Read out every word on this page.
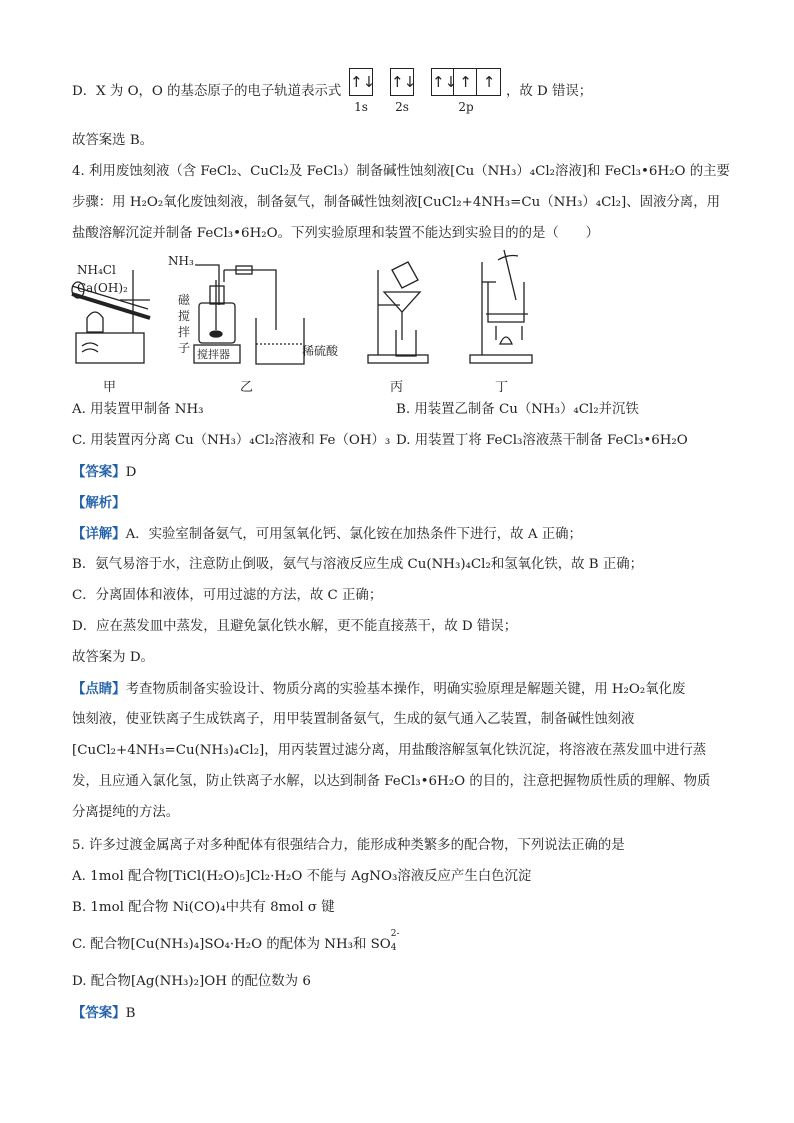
D．X 为 O，O 的基态原子的电子轨道表示式
↑↓
1s
↑↓
2s
↑↓ ↑ ↑
2p
，故 D 错误；
故答案选 B。
4. 利用废蚀刻液（含 FeCl₂、CuCl₂及 FeCl₃）制备碱性蚀刻液[Cu（NH₃）₄Cl₂溶液]和 FeCl₃•6H₂O 的主要
步骤：用 H₂O₂氧化废蚀刻液，制备氨气，制备碱性蚀刻液[CuCl₂+4NH₃=Cu（NH₃）₄Cl₂]、固液分离，用
盐酸溶解沉淀并制备 FeCl₃•6H₂O。下列实验原理和装置不能达到实验目的的是（　　）
NH₄Cl
Ca(OH)₂
NH₃
磁
搅
拌
子 搅拌器	稀硫酸
甲	乙	丙	丁
A. 用装置甲制备 NH₃	B. 用装置乙制备 Cu（NH₃）₄Cl₂并沉铁
C. 用装置丙分离 Cu（NH₃）₄Cl₂溶液和 Fe（OH）₃ D. 用装置丁将 FeCl₃溶液蒸干制备 FeCl₃•6H₂O
【答案】D
【解析】
【详解】A．实验室制备氨气，可用氢氧化钙、氯化铵在加热条件下进行，故 A 正确；
B．氨气易溶于水，注意防止倒吸，氨气与溶液反应生成 Cu(NH₃)₄Cl₂和氢氧化铁，故 B 正确；
C．分离固体和液体，可用过滤的方法，故 C 正确；
D．应在蒸发皿中蒸发，且避免氯化铁水解，更不能直接蒸干，故 D 错误；
故答案为 D。
【点睛】考查物质制备实验设计、物质分离的实验基本操作，明确实验原理是解题关键，用 H₂O₂氧化废
蚀刻液，使亚铁离子生成铁离子，用甲装置制备氨气，生成的氨气通入乙装置，制备碱性蚀刻液
[CuCl₂+4NH₃=Cu(NH₃)₄Cl₂]，用丙装置过滤分离，用盐酸溶解氢氧化铁沉淀，将溶液在蒸发皿中进行蒸
发，且应通入氯化氢，防止铁离子水解，以达到制备 FeCl₃•6H₂O 的目的，注意把握物质性质的理解、物质
分离提纯的方法。
5. 许多过渡金属离子对多种配体有很强结合力，能形成种类繁多的配合物，下列说法正确的是
A. 1mol 配合物[TiCl(H₂O)₅]Cl₂·H₂O 不能与 AgNO₃溶液反应产生白色沉淀
B. 1mol 配合物 Ni(CO)₄中共有 8mol σ 键
C. 配合物[Cu(NH₃)₄]SO₄·H₂O 的配体为 NH₃和 SO
2-
4
D. 配合物[Ag(NH₃)₂]OH 的配位数为 6
【答案】B
